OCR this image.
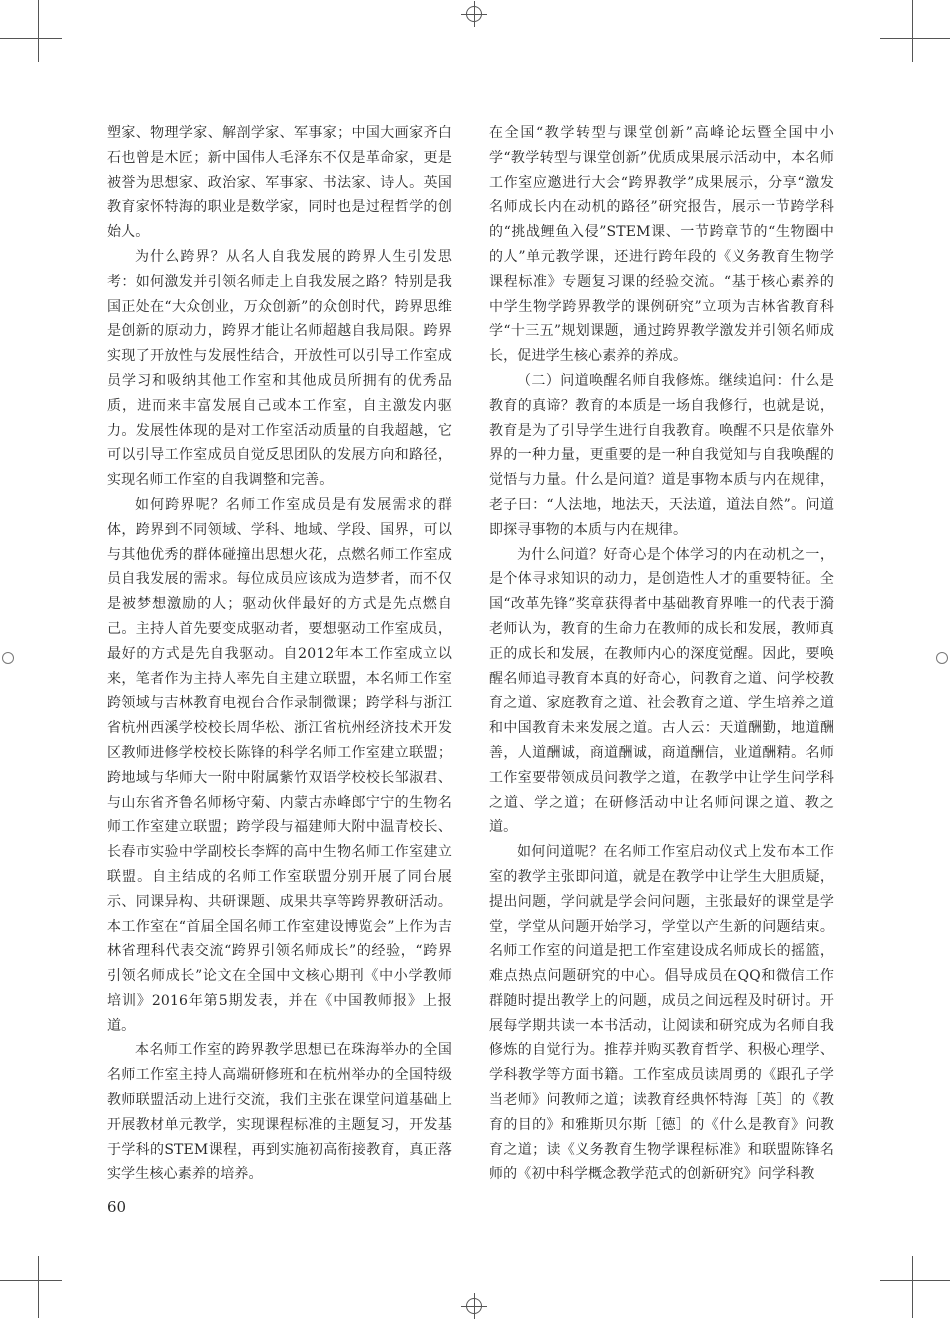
塑家、物理学家、解剖学家、军事家；中国大画家齐白石也曾是木匠；新中国伟人毛泽东不仅是革命家，更是被誉为思想家、政治家、军事家、书法家、诗人。英国教育家怀特海的职业是数学家，同时也是过程哲学的创始人。

为什么跨界？从名人自我发展的跨界人生引发思考：如何激发并引领名师走上自我发展之路？特别是我国正处在“大众创业，万众创新”的众创时代，跨界思维是创新的原动力，跨界才能让名师超越自我局限。跨界实现了开放性与发展性结合，开放性可以引导工作室成员学习和吸纳其他工作室和其他成员所拥有的优秀品质，进而来丰富发展自己或本工作室，自主激发内驱力。发展性体现的是对工作室活动质量的自我超越，它可以引导工作室成员自觉反思团队的发展方向和路径，实现名师工作室的自我调整和完善。

如何跨界呢？名师工作室成员是有发展需求的群体，跨界到不同领域、学科、地域、学段、国界，可以与其他优秀的群体碰撞出思想火花，点燃名师工作室成员自我发展的需求。每位成员应该成为造梦者，而不仅是被梦想激励的人；驱动伙伴最好的方式是先点燃自己。主持人首先要变成驱动者，要想驱动工作室成员，最好的方式是先自我驱动。自2012年本工作室成立以来，笔者作为主持人率先自主建立联盟，本名师工作室跨领域与吉林教育电视台合作录制微课；跨学科与浙江省杭州西溪学校校长周华松、浙江省杭州经济技术开发区教师进修学校校长陈锋的科学名师工作室建立联盟；跨地域与华师大一附中附属紫竹双语学校校长邹淑君、与山东省齐鲁名师杨守菊、内蒙古赤峰郎宁宁的生物名师工作室建立联盟；跨学段与福建师大附中温青校长、长春市实验中学副校长李辉的高中生物名师工作室建立联盟。自主结成的名师工作室联盟分别开展了同台展示、同课异构、共研课题、成果共享等跨界教研活动。本工作室在“首届全国名师工作室建设博览会”上作为吉林省理科代表交流“跨界引领名师成长”的经验，“跨界引领名师成长”论文在全国中文核心期刊《中小学教师培训》2016年第5期发表，并在《中国教师报》上报道。

本名师工作室的跨界教学思想已在珠海举办的全国名师工作室主持人高端研修班和在杭州举办的全国特级教师联盟活动上进行交流，我们主张在课堂问道基础上开展教材单元教学，实现课程标准的主题复习，开发基于学科的STEM课程，再到实施初高衔接教育，真正落实学生核心素养的培养。

在全国“教学转型与课堂创新”高峰论坛暨全国中小学“教学转型与课堂创新”优质成果展示活动中，本名师工作室应邀进行大会“跨界教学”成果展示，分享“激发名师成长内在动机的路径”研究报告，展示一节跨学科的“挑战鲤鱼入侵”STEM课、一节跨章节的“生物圈中的人”单元教学课，还进行跨年段的《义务教育生物学课程标准》专题复习课的经验交流。“基于核心素养的中学生物学跨界教学的课例研究”立项为吉林省教育科学“十三五”规划课题，通过跨界教学激发并引领名师成长，促进学生核心素养的养成。

（二）问道唤醒名师自我修炼。继续追问：什么是教育的真谛？教育的本质是一场自我修行，也就是说，教育是为了引导学生进行自我教育。唤醒不只是依靠外界的一种力量，更重要的是一种自我觉知与自我唤醒的觉悟与力量。什么是问道？道是事物本质与内在规律，老子曰：“人法地，地法天，天法道，道法自然”。问道即探寻事物的本质与内在规律。

为什么问道？好奇心是个体学习的内在动机之一，是个体寻求知识的动力，是创造性人才的重要特征。全国“改革先锋”奖章获得者中基础教育界唯一的代表于漪老师认为，教育的生命力在教师的成长和发展，教师真正的成长和发展，在教师内心的深度觉醒。因此，要唤醒名师追寻教育本真的好奇心，问教育之道、问学校教育之道、家庭教育之道、社会教育之道、学生培养之道和中国教育未来发展之道。古人云：天道酬勤，地道酬善，人道酬诚，商道酬诚，商道酬信，业道酬精。名师工作室要带领成员问教学之道，在教学中让学生问学科之道、学之道；在研修活动中让名师问课之道、教之道。

如何问道呢？在名师工作室启动仪式上发布本工作室的教学主张即问道，就是在教学中让学生大胆质疑，提出问题，学问就是学会问问题，主张最好的课堂是学堂，学堂从问题开始学习，学堂以产生新的问题结束。名师工作室的问道是把工作室建设成名师成长的摇篮，难点热点问题研究的中心。倡导成员在QQ和微信工作群随时提出教学上的问题，成员之间远程及时研讨。开展每学期共读一本书活动，让阅读和研究成为名师自我修炼的自觉行为。推荐并购买教育哲学、积极心理学、学科教学等方面书籍。工作室成员读周勇的《跟孔子学当老师》问教师之道；读教育经典怀特海［英］的《教育的目的》和雅斯贝尔斯［德］的《什么是教育》问教育之道；读《义务教育生物学课程标准》和联盟陈锋名师的《初中科学概念教学范式的创新研究》问学科教

60
